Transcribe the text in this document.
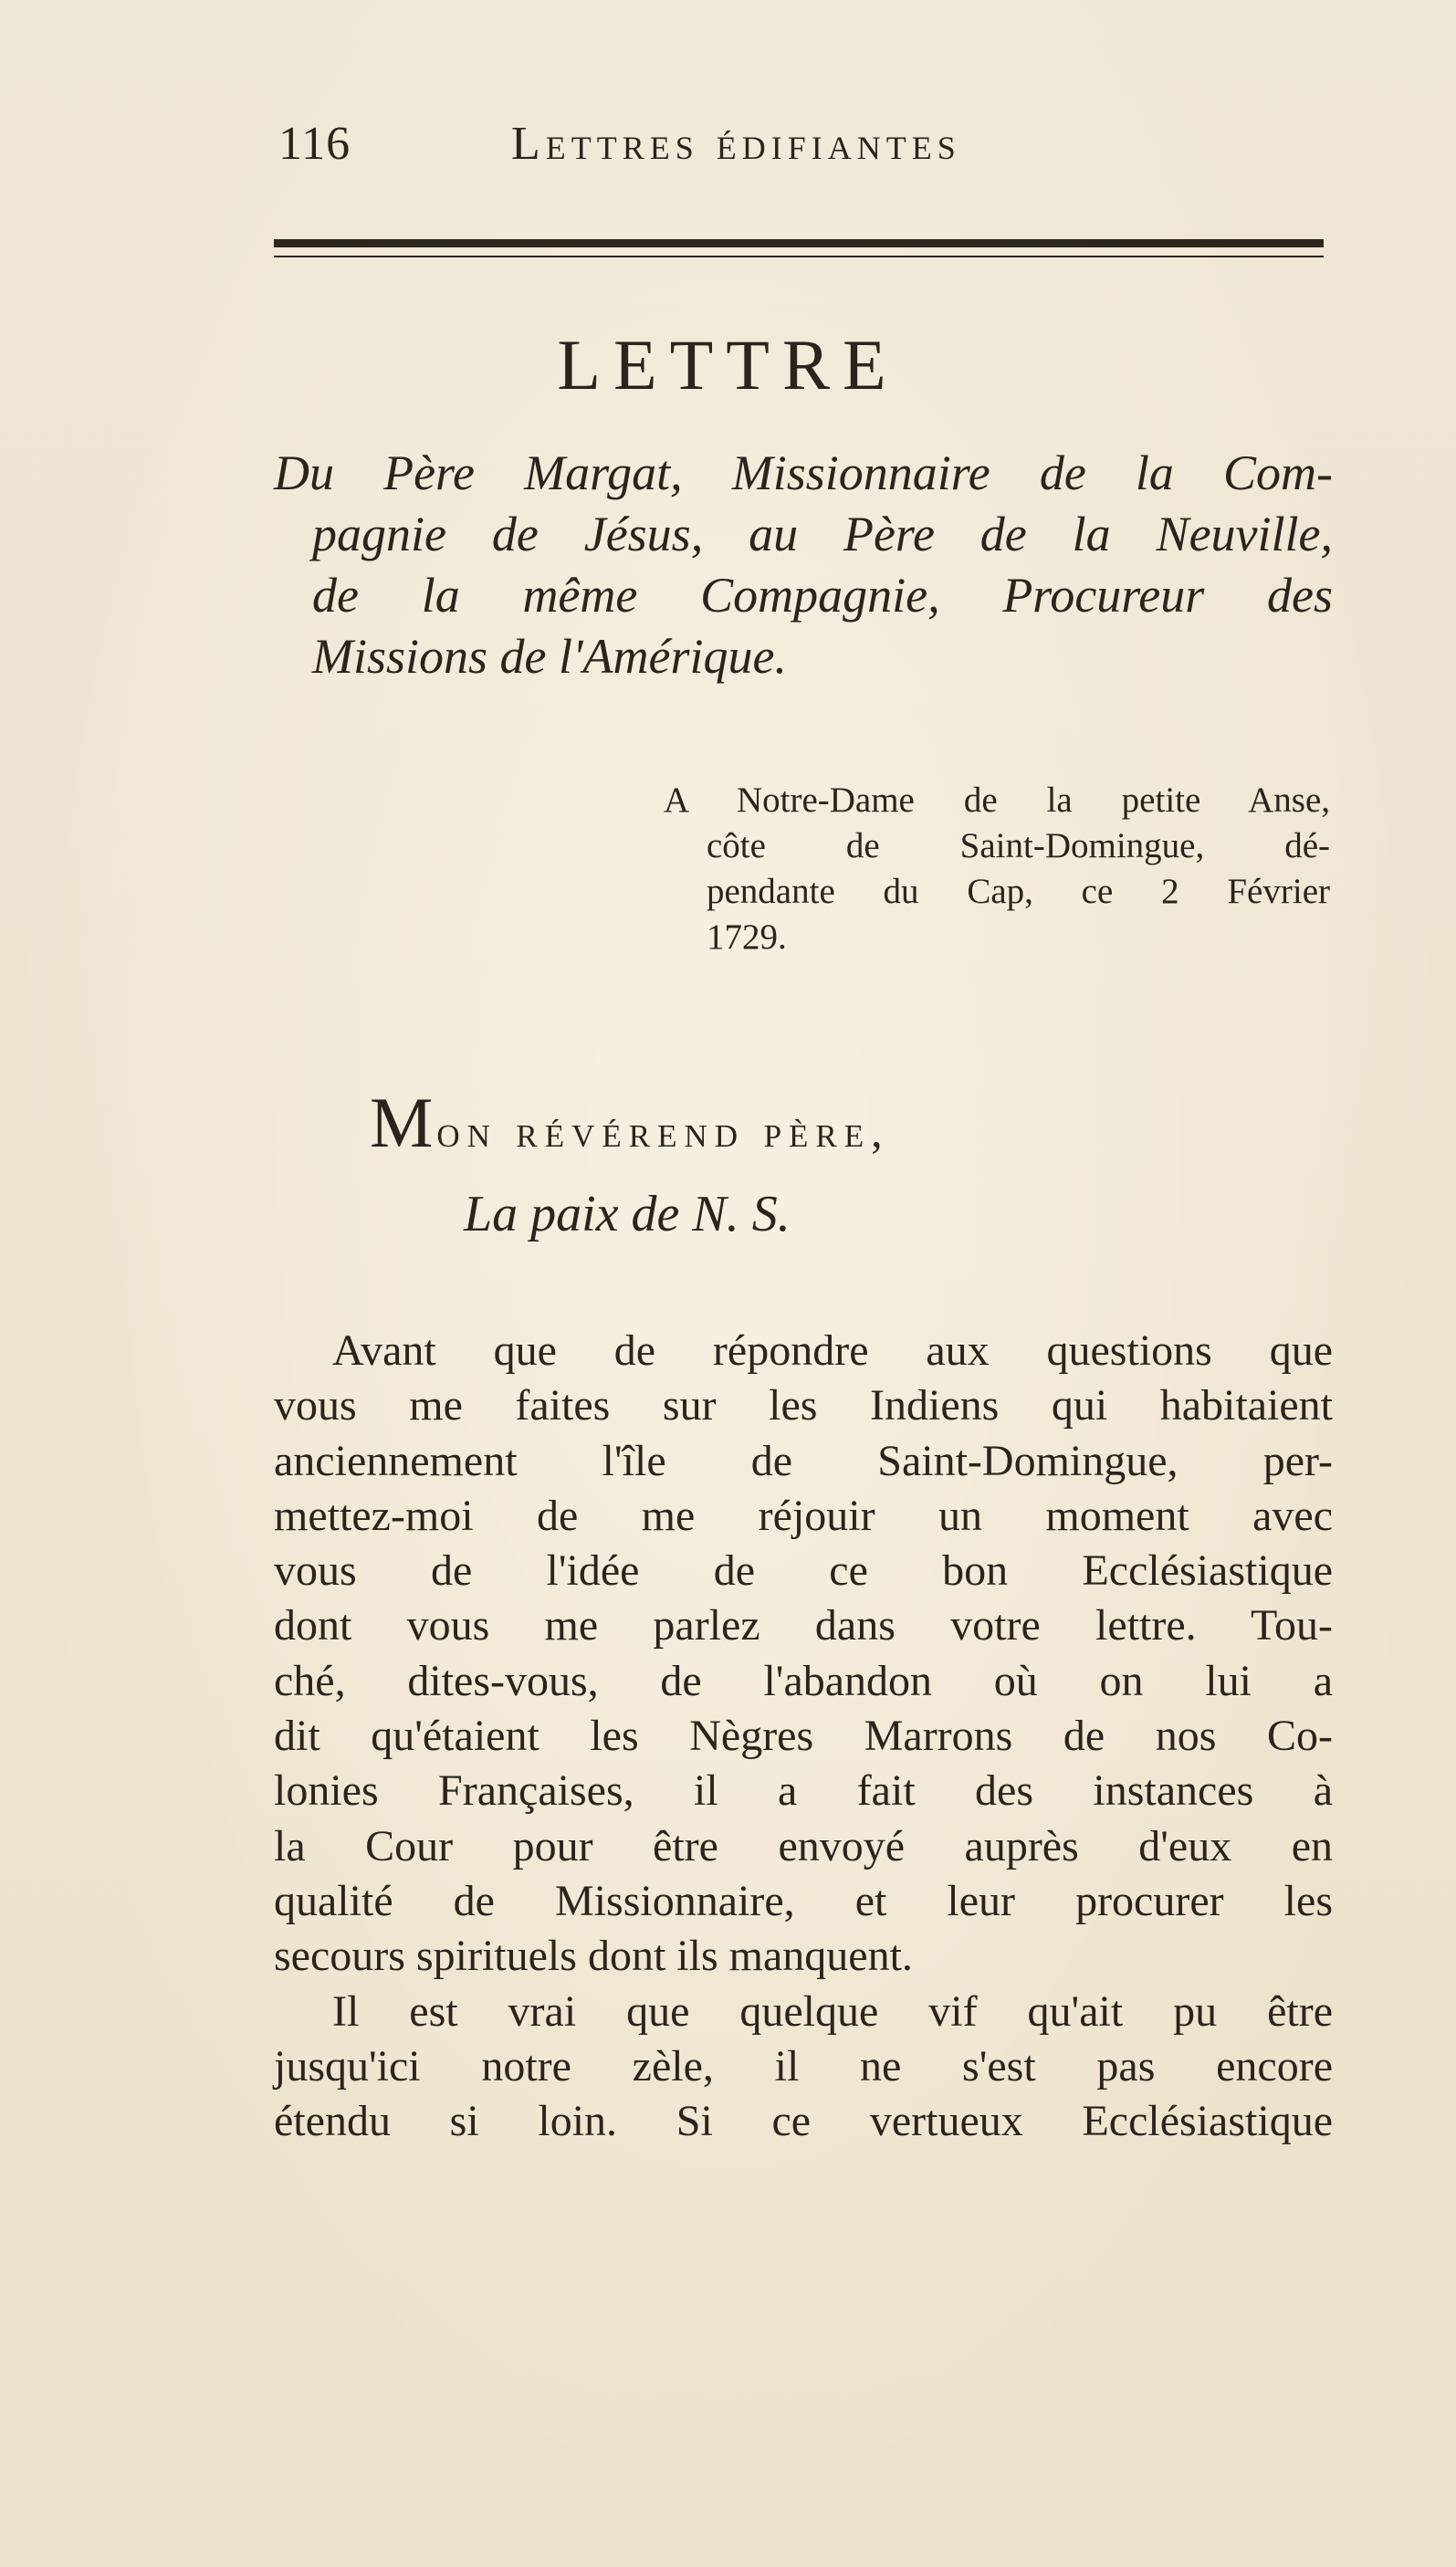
116	Lettres édifiantes
LETTRE
Du Père Margat, Missionnaire de la Com-
pagnie de Jésus, au Père de la Neuville,
de la même Compagnie, Procureur des
Missions de l'Amérique.
A Notre-Dame de la petite Anse,
côte de Saint-Domingue, dé-
pendante du Cap, ce 2 Février
1729.
Mon révérend père,
La paix de N. S.
Avant que de répondre aux questions que
vous me faites sur les Indiens qui habitaient
anciennement l'île de Saint-Domingue, per-
mettez-moi de me réjouir un moment avec
vous de l'idée de ce bon Ecclésiastique
dont vous me parlez dans votre lettre. Tou-
ché, dites-vous, de l'abandon où on lui a
dit qu'étaient les Nègres Marrons de nos Co-
lonies Françaises, il a fait des instances à
la Cour pour être envoyé auprès d'eux en
qualité de Missionnaire, et leur procurer les
secours spirituels dont ils manquent.
Il est vrai que quelque vif qu'ait pu être
jusqu'ici notre zèle, il ne s'est pas encore
étendu si loin. Si ce vertueux Ecclésiastique
